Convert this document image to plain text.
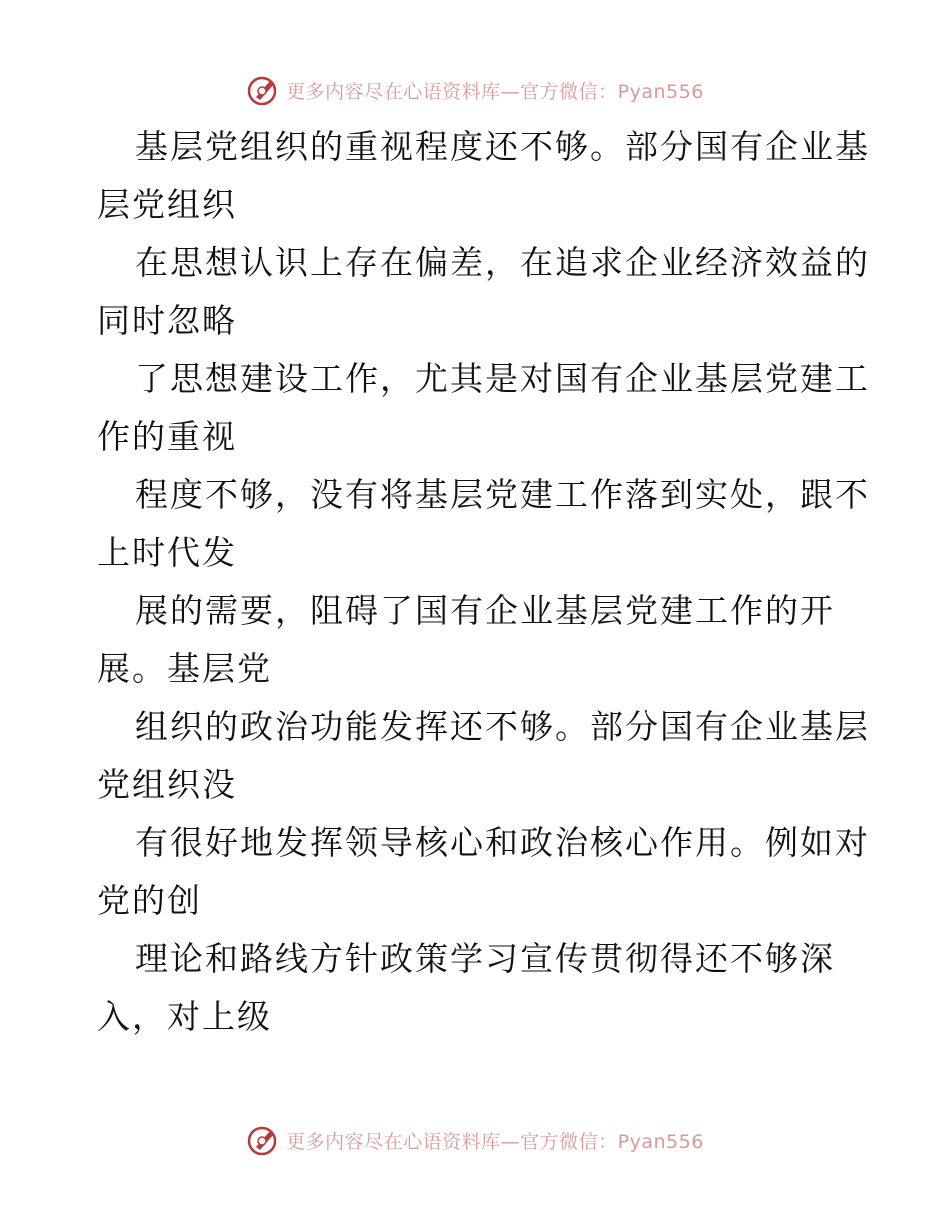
更多内容尽在心语资料库—官方微信：Pyan556
基层党组织的重视程度还不够。部分国有企业基
层党组织
在思想认识上存在偏差，在追求企业经济效益的
同时忽略
了思想建设工作，尤其是对国有企业基层党建工
作的重视
程度不够，没有将基层党建工作落到实处，跟不
上时代发
展的需要，阻碍了国有企业基层党建工作的开
展。基层党
组织的政治功能发挥还不够。部分国有企业基层
党组织没
有很好地发挥领导核心和政治核心作用。例如对
党的创
理论和路线方针政策学习宣传贯彻得还不够深
入，对上级
更多内容尽在心语资料库—官方微信：Pyan556
